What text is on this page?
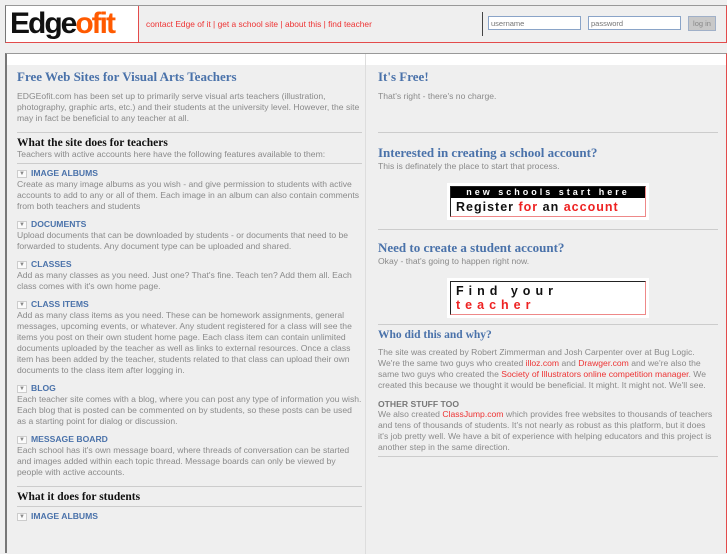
Edgeofit	contact Edge of it | get a school site | about this | find teacher
username	log in
Free Web Sites for Visual Arts Teachers

EDGEofit.com has been set up to primarily serve visual arts teachers (illustration, photography, graphic arts, etc.) and their students at the university level. However, the site may in fact be beneficial to any teacher at all.

What the site does for teachers

Teachers with active accounts here have the following features available to them:

▼ IMAGE ALBUMS

Create as many image albums as you wish - and give permission to students with active accounts to add to any or all of them. Each image in an album can also contain comments from both teachers and students

▼ DOCUMENTS

Upload documents that can be downloaded by students - or documents that need to be forwarded to students. Any document type can be uploaded and shared.

▼ CLASSES

Add as many classes as you need. Just one? That's fine. Teach ten? Add them all. Each class comes with it's own home page.

▼ CLASS ITEMS

Add as many class items as you need. These can be homework assignments, general messages, upcoming events, or whatever. Any student registered for a class will see the items you post on their own student home page. Each class item can contain unlimited documents uploaded by the teacher as well as links to external resources. Once a class item has been added by the teacher, students related to that class can upload their own documents to the class item after logging in.

▼ BLOG

Each teacher site comes with a blog, where you can post any type of information you wish. Each blog that is posted can be commented on by students, so these posts can be used as a starting point for dialog or discussion.

▼ MESSAGE BOARD

Each school has it's own message board, where threads of conversation can be started and images added within each topic thread. Message boards can only be viewed by people with active accounts.

What it does for students
▼ IMAGE ALBUMS
It's Free!

That's right - there's no charge.

Interested in creating a school account?

This is definately the place to start that process.

new schools start here
Register for an account
Need to create a student account?

Okay - that's going to happen right now.

Find your teacher
Who did this and why?

The site was created by Robert Zimmerman and Josh Carpenter over at Bug Logic. We're the same two guys who created illoz.com and Drawger.com and we're also the same two guys who created the Society of Illustrators online competition manager. We created this because we thought it would be beneficial. It might. It might not. We'll see.

OTHER STUFF TOO

We also created ClassJump.com which provides free websites to thousands of teachers and tens of thousands of students. It's not nearly as robust as this platform, but it does it's job pretty well. We have a bit of experience with helping educators and this project is another step in the same direction.
